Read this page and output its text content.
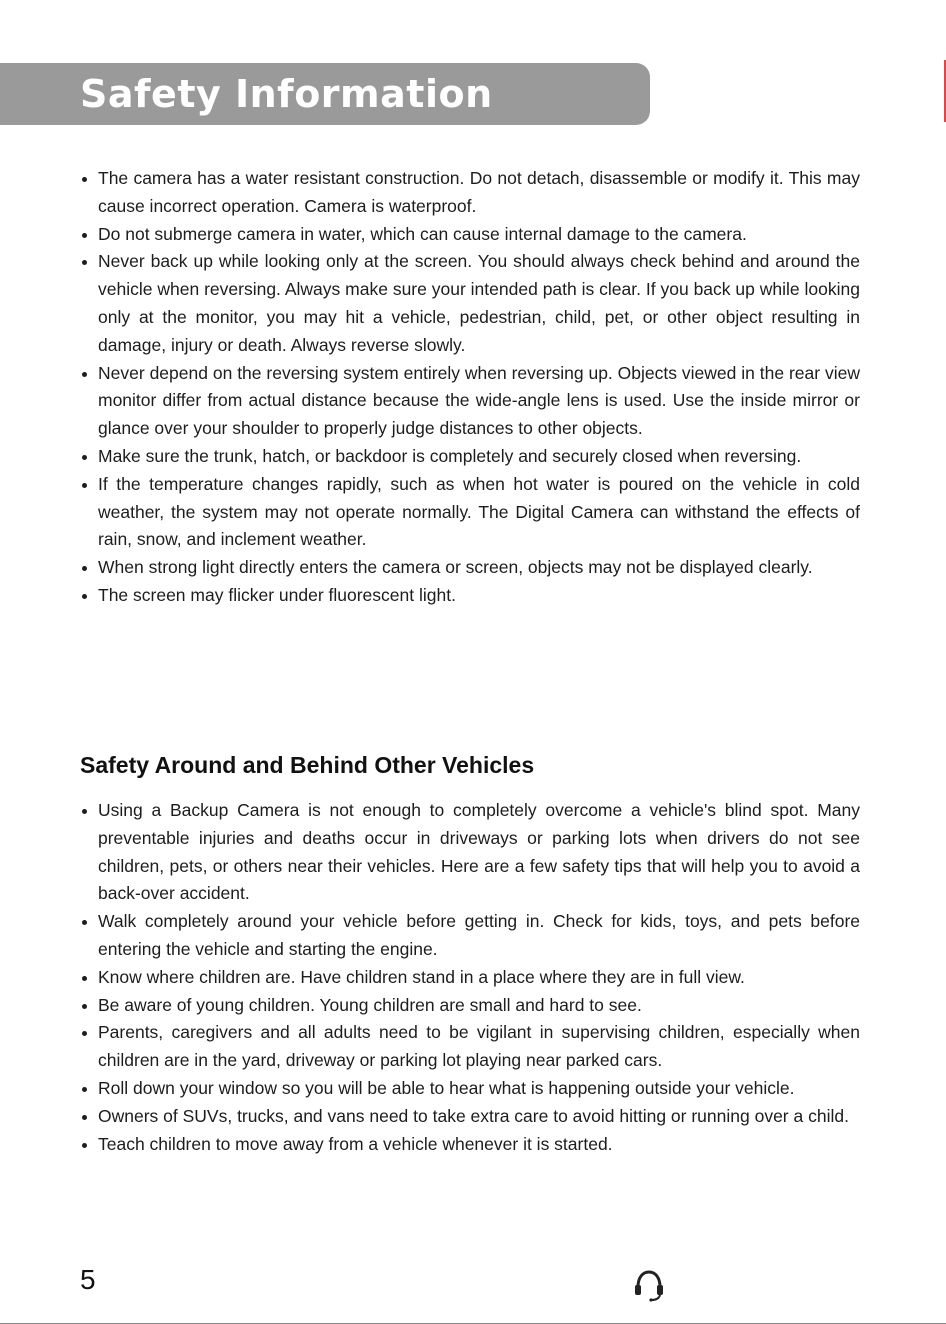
Safety Information
The camera has a water resistant construction. Do not detach, disassemble or modify it. This may cause incorrect operation. Camera is waterproof.
Do not submerge camera in water, which can cause internal damage to the camera.
Never back up while looking only at the screen. You should always check behind and around the vehicle when reversing. Always make sure your intended path is clear. If you back up while looking only at the monitor, you may hit a vehicle, pedestrian, child, pet, or other object resulting in damage, injury or death. Always reverse slowly.
Never depend on the reversing system entirely when reversing up. Objects viewed in the rear view monitor differ from actual distance because the wide-angle lens is used. Use the inside mirror or glance over your shoulder to properly judge distances to other objects.
Make sure the trunk, hatch, or backdoor is completely and securely closed when reversing.
If the temperature changes rapidly, such as when hot water is poured on the vehicle in cold weather, the system may not operate normally. The Digital Camera can withstand the effects of rain, snow, and inclement weather.
When strong light directly enters the camera or screen, objects may not be displayed clearly.
The screen may flicker under fluorescent light.
Safety Around and Behind Other Vehicles
Using a Backup Camera is not enough to completely overcome a vehicle's blind spot. Many preventable injuries and deaths occur in driveways or parking lots when drivers do not see children, pets, or others near their vehicles. Here are a few safety tips that will help you to avoid a back-over accident.
Walk completely around your vehicle before getting in. Check for kids, toys, and pets before entering the vehicle and starting the engine.
Know where children are. Have children stand in a place where they are in full view.
Be aware of young children. Young children are small and hard to see.
Parents, caregivers and all adults need to be vigilant in supervising children, especially when children are in the yard, driveway or parking lot playing near parked cars.
Roll down your window so you will be able to hear what is happening outside your vehicle.
Owners of SUVs, trucks, and vans need to take extra care to avoid hitting or running over a child.
Teach children to move away from a vehicle whenever it is started.
5
